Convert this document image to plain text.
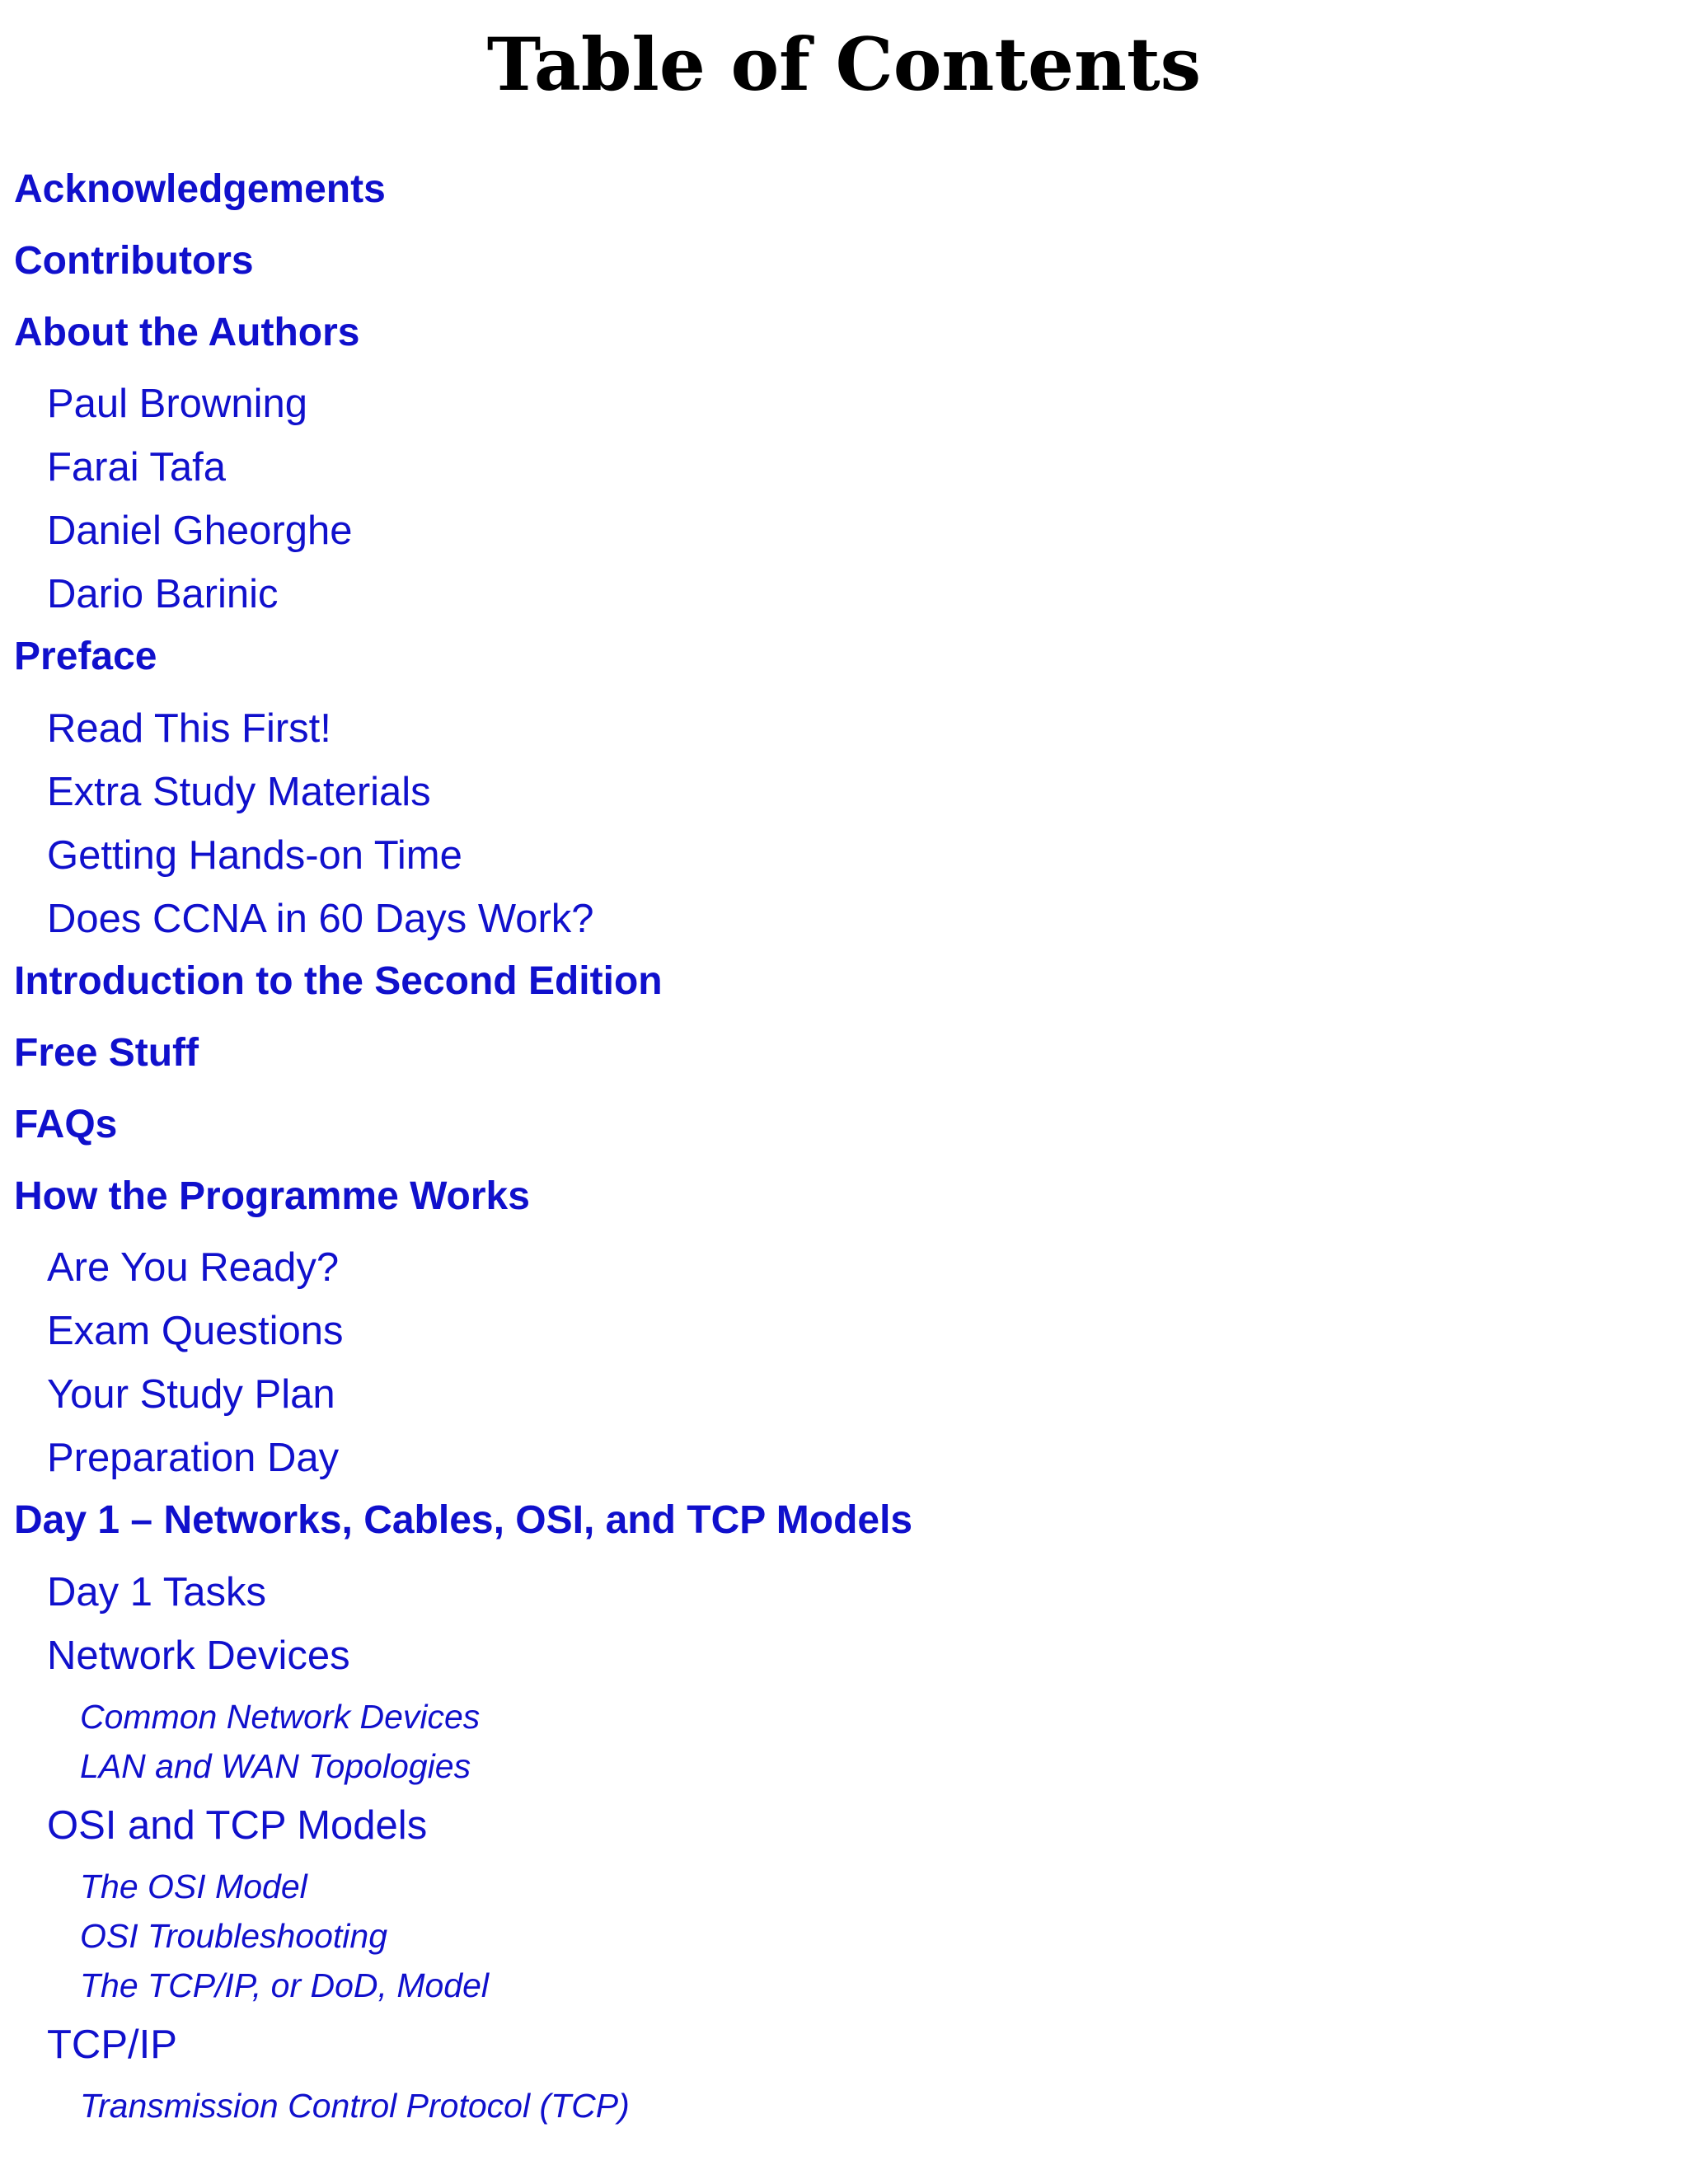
Table of Contents
Acknowledgements
Contributors
About the Authors
Paul Browning
Farai Tafa
Daniel Gheorghe
Dario Barinic
Preface
Read This First!
Extra Study Materials
Getting Hands-on Time
Does CCNA in 60 Days Work?
Introduction to the Second Edition
Free Stuff
FAQs
How the Programme Works
Are You Ready?
Exam Questions
Your Study Plan
Preparation Day
Day 1 – Networks, Cables, OSI, and TCP Models
Day 1 Tasks
Network Devices
Common Network Devices
LAN and WAN Topologies
OSI and TCP Models
The OSI Model
OSI Troubleshooting
The TCP/IP, or DoD, Model
TCP/IP
Transmission Control Protocol (TCP)
